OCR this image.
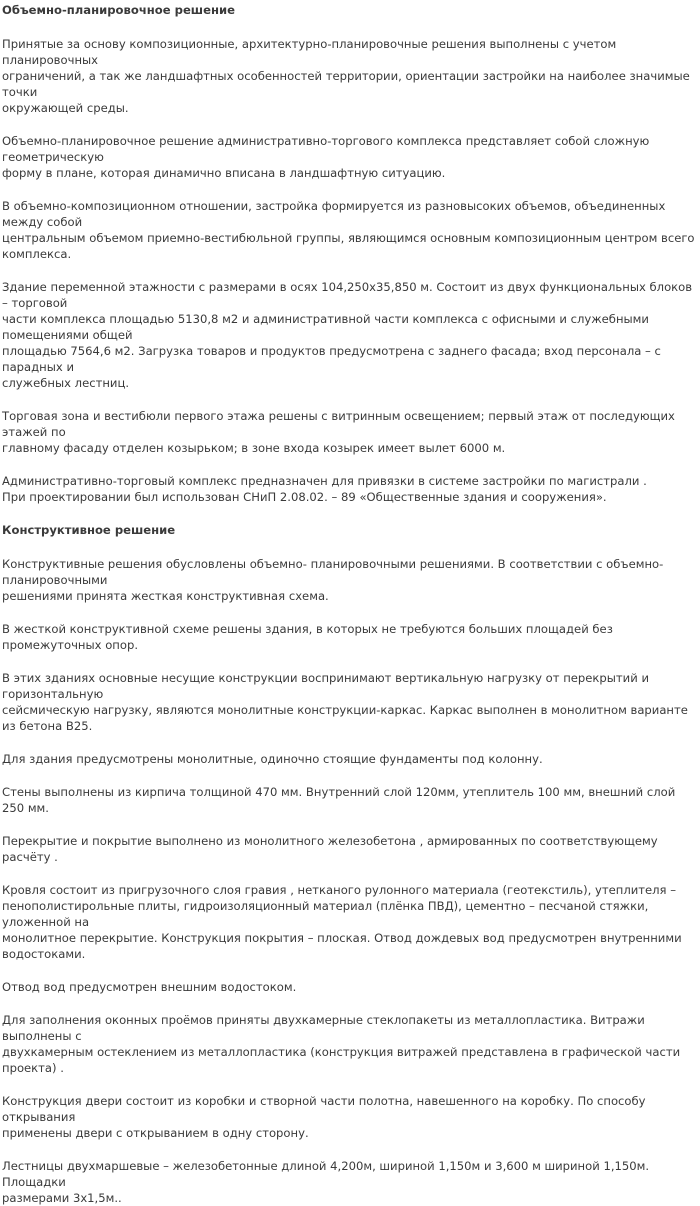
Объемно-планировочное решение
Принятые за основу композиционные, архитектурно-планировочные решения выполнены с учетом планировочных
ограничений, а так же ландшафтных особенностей территории, ориентации застройки на наиболее значимые точки
окружающей среды.
Объемно-планировочное решение административно-торгового комплекса представляет собой сложную геометрическую
форму в плане, которая динамично вписана в ландшафтную ситуацию.
В объемно-композиционном отношении, застройка формируется из разновысоких объемов, объединенных между собой
центральным объемом приемно-вестибюльной группы, являющимся основным композиционным центром всего комплекса.
Здание переменной этажности с размерами в осях 104,250х35,850 м. Состоит из двух функциональных блоков – торговой
части комплекса площадью 5130,8 м2 и административной части комплекса с офисными и служебными помещениями общей
площадью 7564,6 м2. Загрузка товаров и продуктов предусмотрена с заднего фасада; вход персонала – с парадных и
служебных лестниц.
Торговая зона и вестибюли первого этажа решены с витринным освещением; первый этаж от последующих этажей по
главному фасаду отделен козырьком; в зоне входа козырек имеет вылет 6000 м.
Административно-торговый комплекс предназначен для привязки в системе застройки по магистрали .
При проектировании был использован СНиП 2.08.02. – 89 «Общественные здания и сооружения».
Конструктивное решение
Конструктивные решения обусловлены объемно- планировочными решениями. В соответствии с объемно- планировочными
решениями принята жесткая конструктивная схема.
В жесткой конструктивной схеме решены здания, в которых не требуются больших площадей без промежуточных опор.
В этих зданиях основные несущие конструкции воспринимают вертикальную нагрузку от перекрытий и горизонтальную
сейсмическую нагрузку, являются монолитные конструкции-каркас. Каркас выполнен в монолитном варианте из бетона В25.
Для здания предусмотрены монолитные, одиночно стоящие фундаменты под колонну.
Стены выполнены из кирпича толщиной 470 мм. Внутренний слой 120мм, утеплитель 100 мм, внешний слой 250 мм.
Перекрытие и покрытие выполнено из монолитного железобетона , армированных по соответствующему расчёту .
Кровля состоит из пригрузочного слоя гравия , нетканого рулонного материала (геотекстиль), утеплителя –
пенополистирольные плиты, гидроизоляционный материал (плёнка ПВД), цементно – песчаной стяжки, уложенной на
монолитное перекрытие. Конструкция покрытия – плоская. Отвод дождевых вод предусмотрен внутренними водостоками.
Отвод вод предусмотрен внешним водостоком.
Для заполнения оконных проёмов приняты двухкамерные стеклопакеты из металлопластика. Витражи выполнены с
двухкамерным остеклением из металлопластика (конструкция витражей представлена в графической части проекта) .
Конструкция двери состоит из коробки и створной части полотна, навешенного на коробку. По способу открывания
применены двери с открыванием в одну сторону.
Лестницы двухмаршевые – железобетонные длиной 4,200м, шириной 1,150м и 3,600 м шириной 1,150м. Площадки
размерами 3х1,5м..
